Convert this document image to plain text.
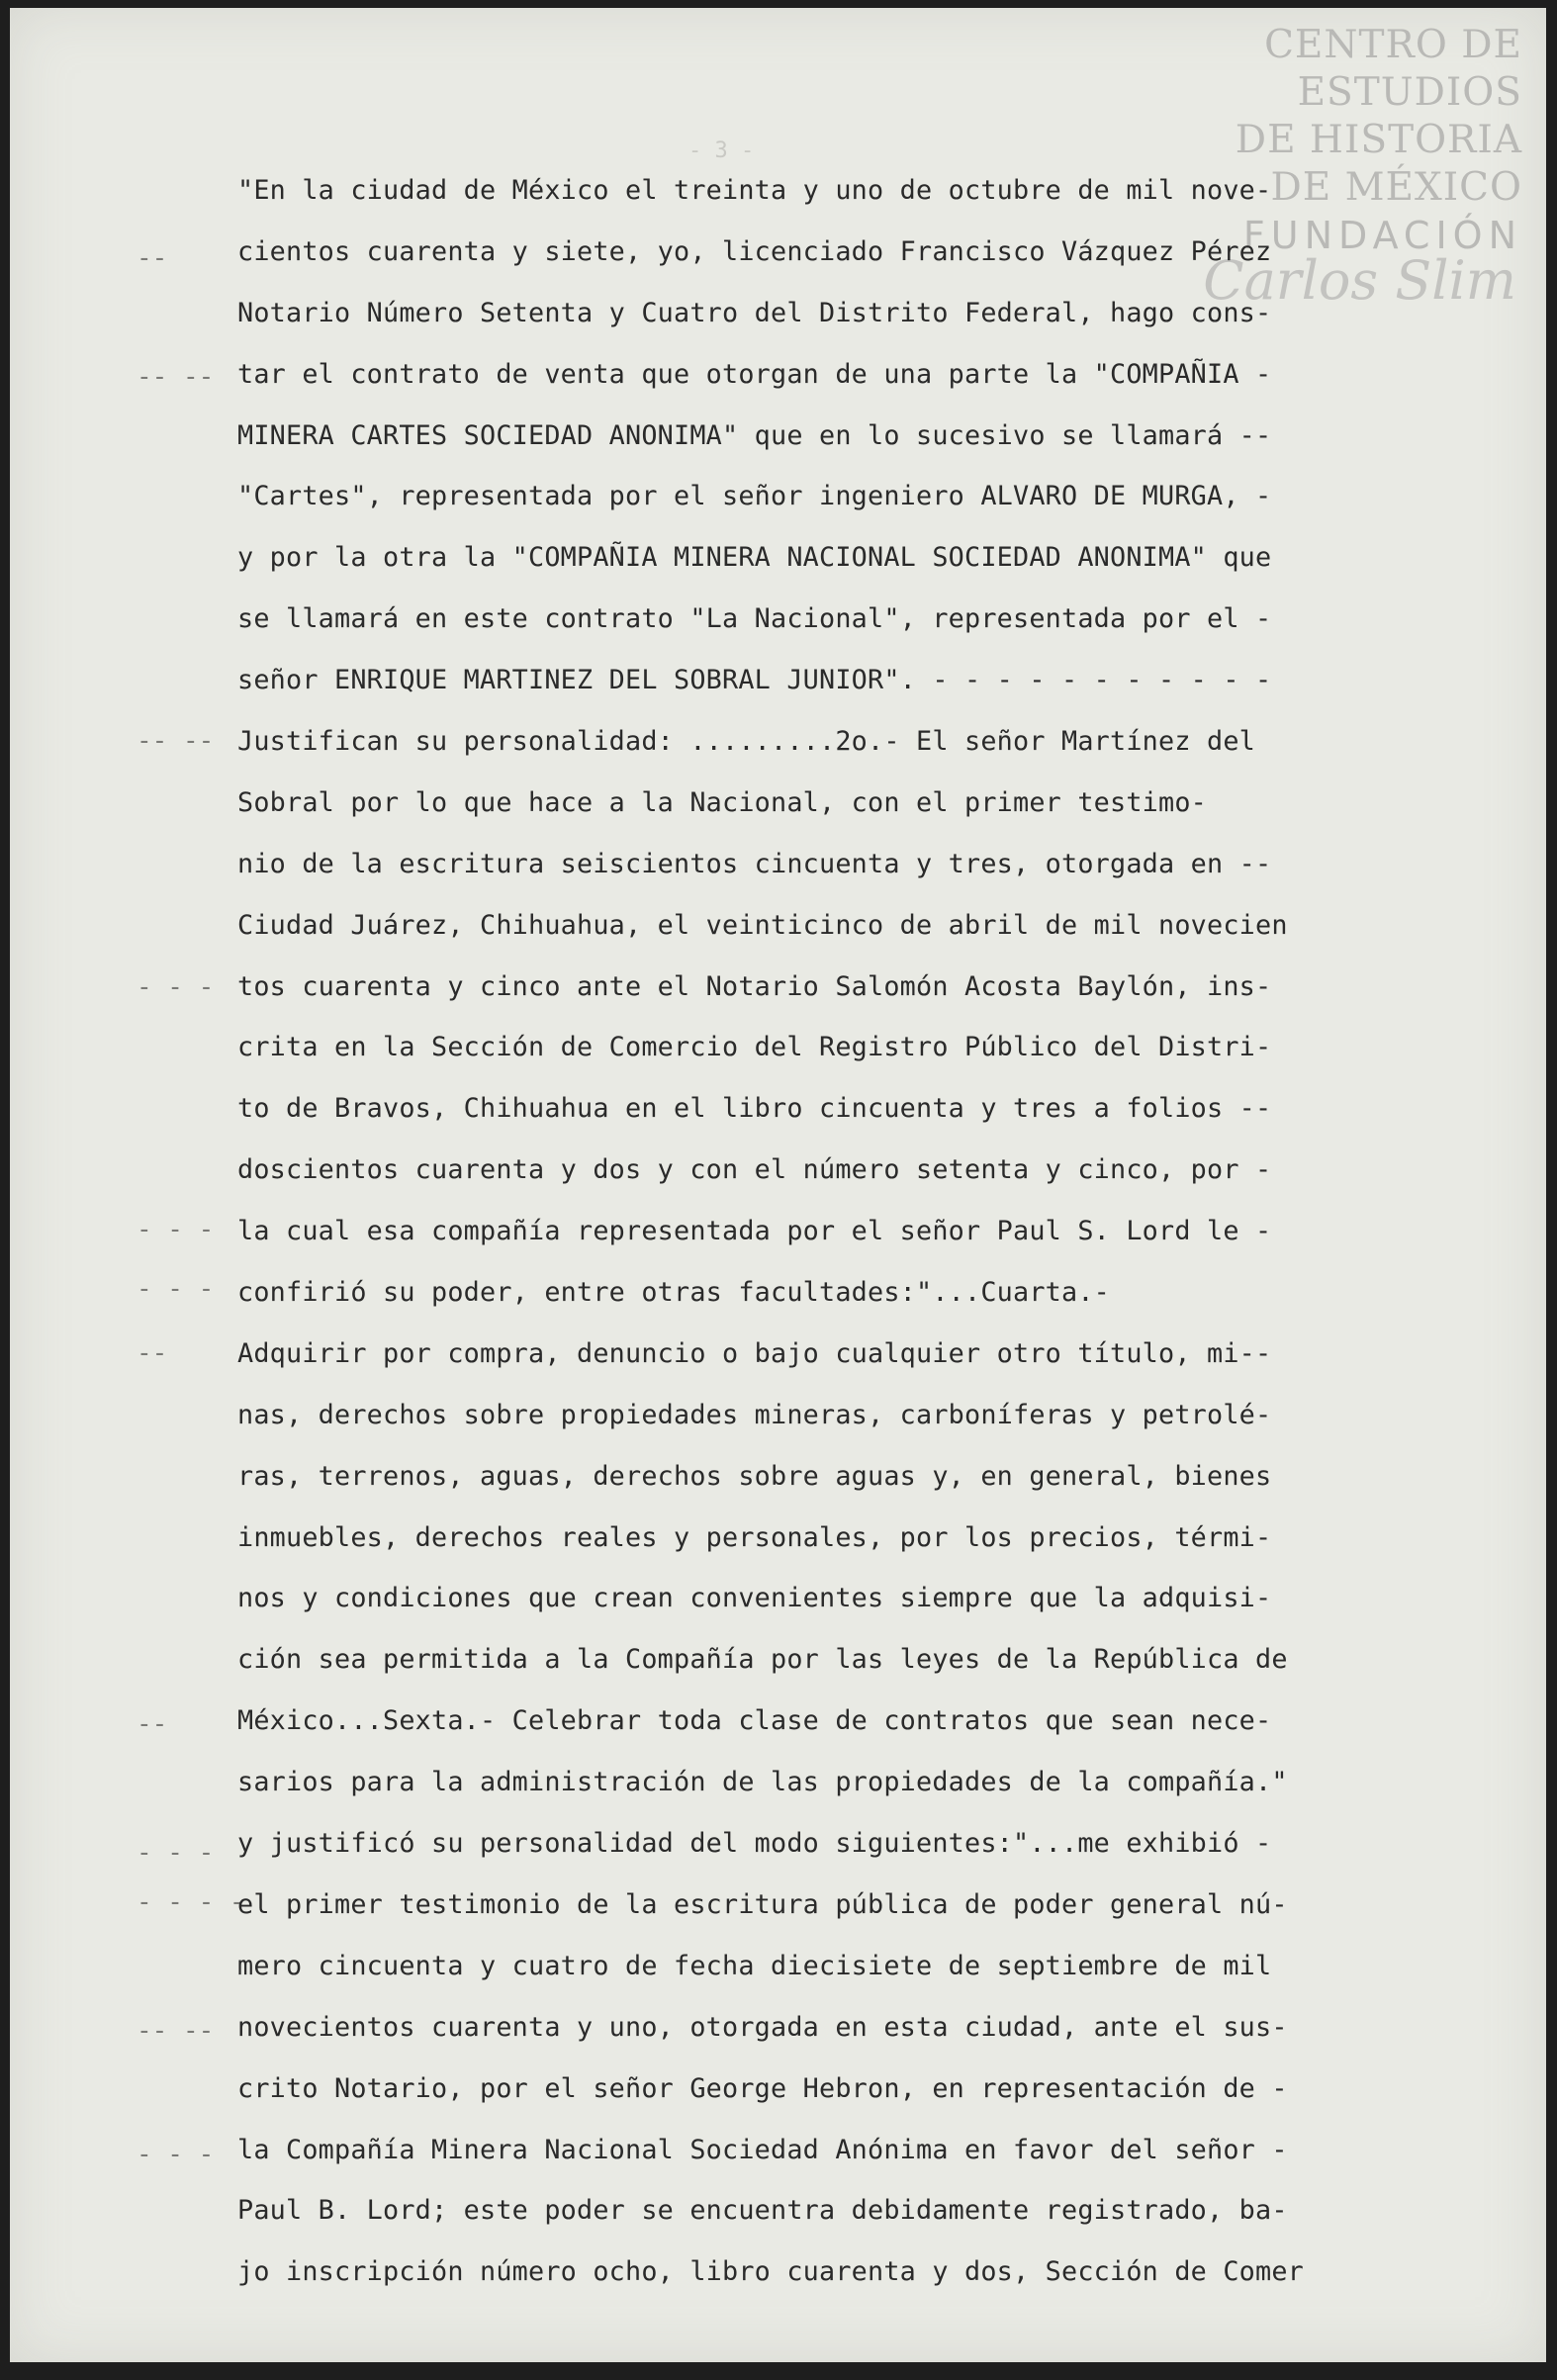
CENTRO DE
ESTUDIOS
DE HISTORIA
DE MÉXICO
FUNDACIÓN
Carlos Slim
- 3 -
--
-- --
-- --
- - -
- - -
- - -
--
--
- - -
- - - -
-- --
- - -
"En la ciudad de México el treinta y uno de octubre de mil nove-
cientos cuarenta y siete, yo, licenciado Francisco Vázquez Pérez
Notario Número Setenta y Cuatro del Distrito Federal, hago cons-
tar el contrato de venta que otorgan de una parte la "COMPAÑIA -
MINERA CARTES SOCIEDAD ANONIMA" que en lo sucesivo se llamará --
"Cartes", representada por el señor ingeniero ALVARO DE MURGA, -
y por la otra la "COMPAÑIA MINERA NACIONAL SOCIEDAD ANONIMA" que
se llamará en este contrato "La Nacional", representada por el -
señor ENRIQUE MARTINEZ DEL SOBRAL JUNIOR". - - - - - - - - - - -
Justifican su personalidad: .........2o.- El señor Martínez del
Sobral por lo que hace a la Nacional, con el primer testimo-
nio de la escritura seiscientos cincuenta y tres, otorgada en --
Ciudad Juárez, Chihuahua, el veinticinco de abril de mil novecien
tos cuarenta y cinco ante el Notario Salomón Acosta Baylón, ins-
crita en la Sección de Comercio del Registro Público del Distri-
to de Bravos, Chihuahua en el libro cincuenta y tres a folios --
doscientos cuarenta y dos y con el número setenta y cinco, por -
la cual esa compañía representada por el señor Paul S. Lord le -
confirió su poder, entre otras facultades:"...Cuarta.-
Adquirir por compra, denuncio o bajo cualquier otro título, mi--
nas, derechos sobre propiedades mineras, carboníferas y petrolé-
ras, terrenos, aguas, derechos sobre aguas y, en general, bienes
inmuebles, derechos reales y personales, por los precios, térmi-
nos y condiciones que crean convenientes siempre que la adquisi-
ción sea permitida a la Compañía por las leyes de la República de
México...Sexta.- Celebrar toda clase de contratos que sean nece-
sarios para la administración de las propiedades de la compañía."
y justificó su personalidad del modo siguientes:"...me exhibió -
el primer testimonio de la escritura pública de poder general nú-
mero cincuenta y cuatro de fecha diecisiete de septiembre de mil
novecientos cuarenta y uno, otorgada en esta ciudad, ante el sus-
crito Notario, por el señor George Hebron, en representación de -
la Compañía Minera Nacional Sociedad Anónima en favor del señor -
Paul B. Lord; este poder se encuentra debidamente registrado, ba-
jo inscripción número ocho, libro cuarenta y dos, Sección de Comer
